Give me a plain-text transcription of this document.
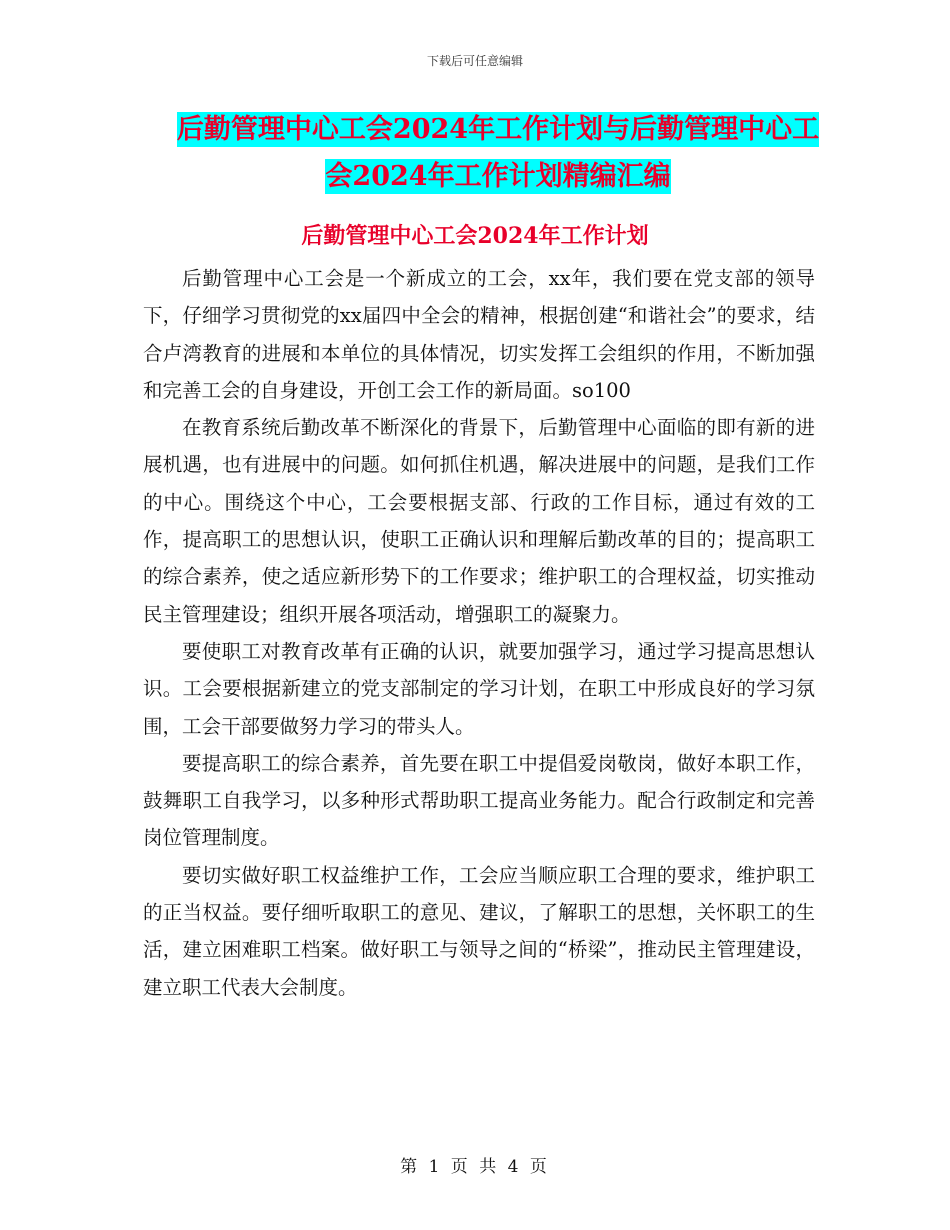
下载后可任意编辑
后勤管理中心工会2024年工作计划与后勤管理中心工
会2024年工作计划精编汇编
后勤管理中心工会2024年工作计划

后勤管理中心工会是一个新成立的工会，xx年，我们要在党支部的领导下，仔细学习贯彻党的xx届四中全会的精神，根据创建“和谐社会”的要求，结合卢湾教育的进展和本单位的具体情况，切实发挥工会组织的作用，不断加强和完善工会的自身建设，开创工会工作的新局面。so100

在教育系统后勤改革不断深化的背景下，后勤管理中心面临的即有新的进展机遇，也有进展中的问题。如何抓住机遇，解决进展中的问题，是我们工作的中心。围绕这个中心，工会要根据支部、行政的工作目标，通过有效的工作，提高职工的思想认识，使职工正确认识和理解后勤改革的目的；提高职工的综合素养，使之适应新形势下的工作要求；维护职工的合理权益，切实推动民主管理建设；组织开展各项活动，增强职工的凝聚力。

要使职工对教育改革有正确的认识，就要加强学习，通过学习提高思想认识。工会要根据新建立的党支部制定的学习计划，在职工中形成良好的学习氛围，工会干部要做努力学习的带头人。

要提高职工的综合素养，首先要在职工中提倡爱岗敬岗，做好本职工作，鼓舞职工自我学习，以多种形式帮助职工提高业务能力。配合行政制定和完善岗位管理制度。

要切实做好职工权益维护工作，工会应当顺应职工合理的要求，维护职工的正当权益。要仔细听取职工的意见、建议，了解职工的思想，关怀职工的生活，建立困难职工档案。做好职工与领导之间的“桥梁”，推动民主管理建设，建立职工代表大会制度。

第 1 页 共 4 页
